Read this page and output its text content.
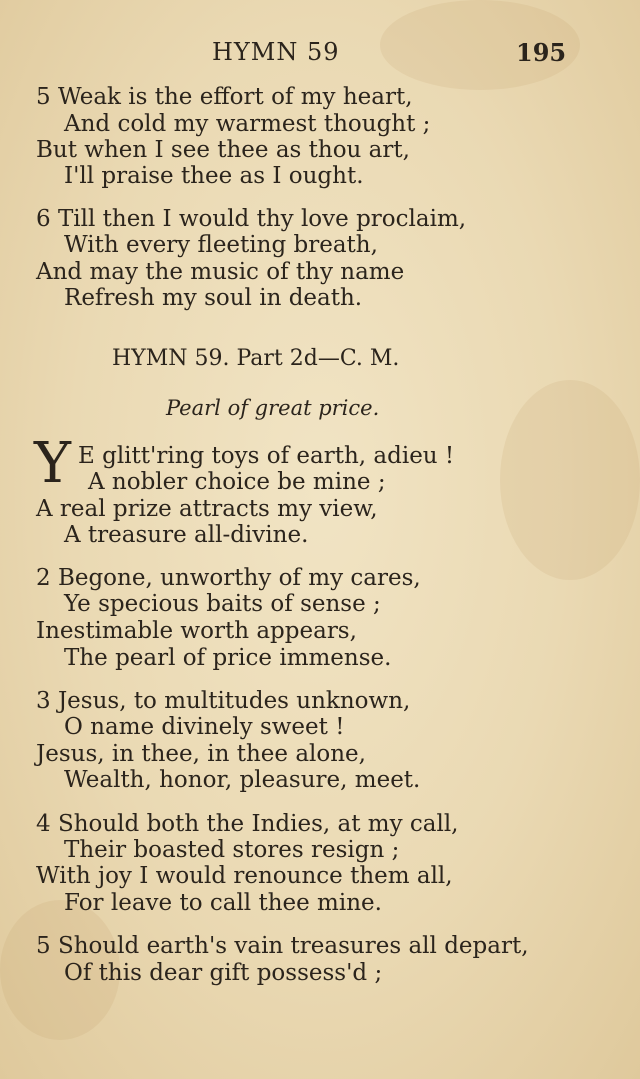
HYMN 59	195
5 Weak is the effort of my heart,
And cold my warmest thought ;
But when I see thee as thou art,
I'll praise thee as I ought.
6 Till then I would thy love proclaim,
With every fleeting breath,
And may the music of thy name
Refresh my soul in death.
HYMN 59. Part 2d—C. M.
Pearl of great price.
Y E glitt'ring toys of earth, adieu !
A nobler choice be mine ;
A real prize attracts my view,
A treasure all-divine.
2 Begone, unworthy of my cares,
Ye specious baits of sense ;
Inestimable worth appears,
The pearl of price immense.
3 Jesus, to multitudes unknown,
O name divinely sweet !
Jesus, in thee, in thee alone,
Wealth, honor, pleasure, meet.
4 Should both the Indies, at my call,
Their boasted stores resign ;
With joy I would renounce them all,
For leave to call thee mine.
5 Should earth's vain treasures all depart,
Of this dear gift possess'd ;
